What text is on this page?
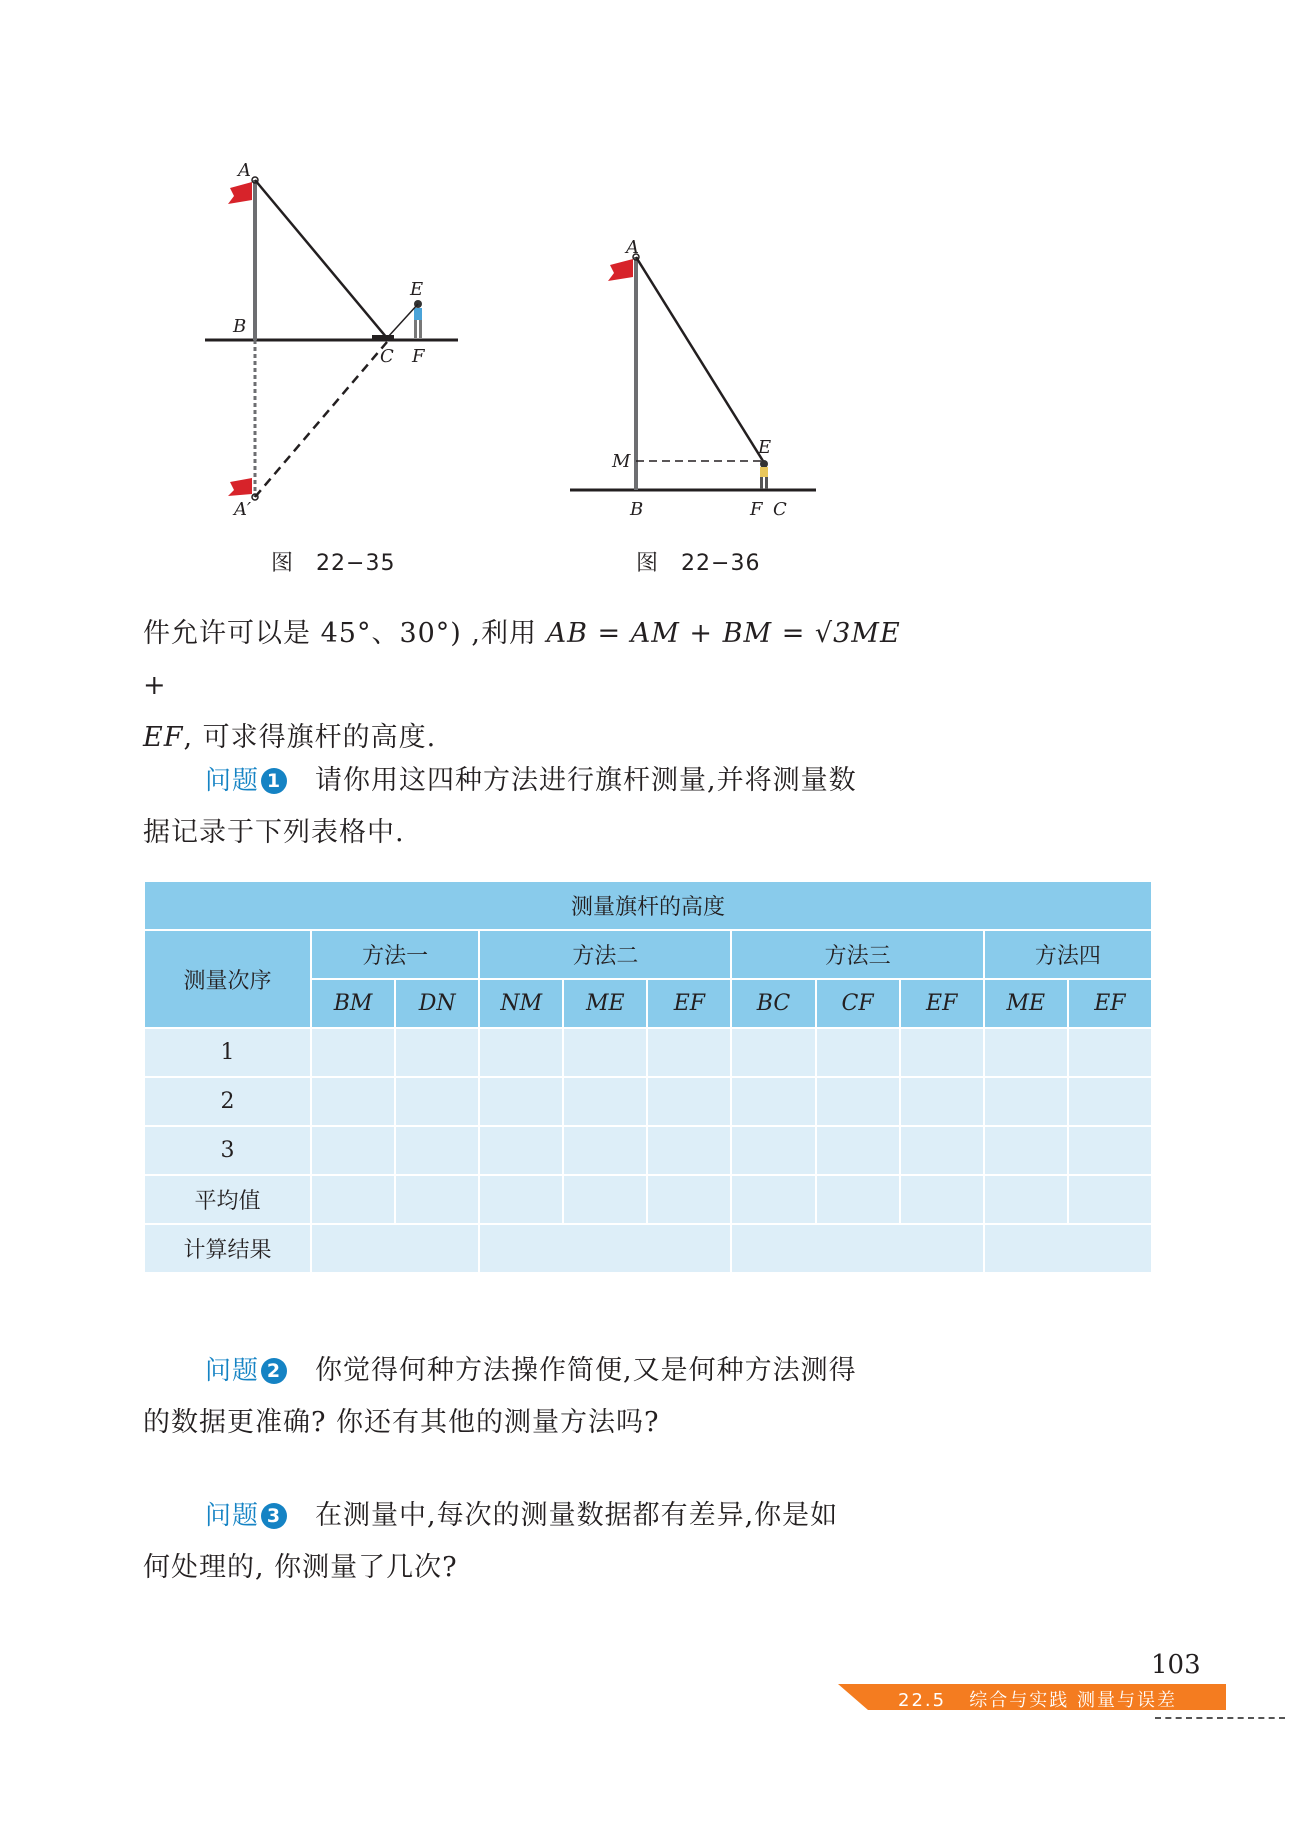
A
B
C
E
F
A′
图 22−35
A
M
B
E
F C
图 22−36
件允许可以是 45°、30°) ,利用 AB = AM + BM = √3ME +
EF, 可求得旗杆的高度.
问题 1 请你用这四种方法进行旗杆测量,并将测量数
据记录于下列表格中.
测量旗杆的高度										
测量次序	方法一		方法二			方法三			方法四	
	BM	DN	NM	ME	EF	BC	CF	EF	ME	EF
1										
2										
3										
平均值										
计算结果										
问题 2 你觉得何种方法操作简便,又是何种方法测得
的数据更准确? 你还有其他的测量方法吗?
问题 3 在测量中,每次的测量数据都有差异,你是如
何处理的, 你测量了几次?
103
22.5 综合与实践 测量与误差
